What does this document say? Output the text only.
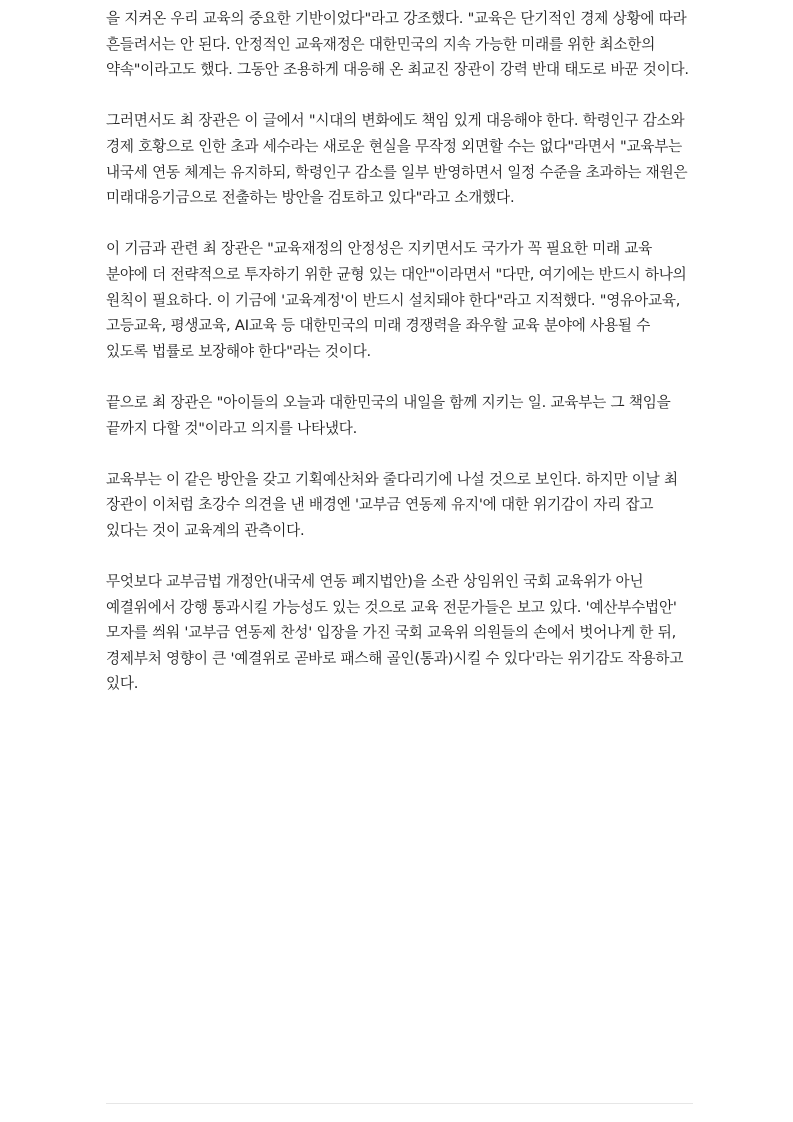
을 지켜온 우리 교육의 중요한 기반이었다"라고 강조했다. "교육은 단기적인 경제 상황에 따라 흔들려서는 안 된다. 안정적인 교육재정은 대한민국의 지속 가능한 미래를 위한 최소한의 약속"이라고도 했다. 그동안 조용하게 대응해 온 최교진 장관이 강력 반대 태도로 바꾼 것이다.

그러면서도 최 장관은 이 글에서 "시대의 변화에도 책임 있게 대응해야 한다. 학령인구 감소와 경제 호황으로 인한 초과 세수라는 새로운 현실을 무작정 외면할 수는 없다"라면서 "교육부는 내국세 연동 체계는 유지하되, 학령인구 감소를 일부 반영하면서 일정 수준을 초과하는 재원은 미래대응기금으로 전출하는 방안을 검토하고 있다"라고 소개했다.

이 기금과 관련 최 장관은 "교육재정의 안정성은 지키면서도 국가가 꼭 필요한 미래 교육 분야에 더 전략적으로 투자하기 위한 균형 있는 대안"이라면서 "다만, 여기에는 반드시 하나의 원칙이 필요하다. 이 기금에 '교육계정'이 반드시 설치돼야 한다"라고 지적했다. "영유아교육, 고등교육, 평생교육, AI교육 등 대한민국의 미래 경쟁력을 좌우할 교육 분야에 사용될 수 있도록 법률로 보장해야 한다"라는 것이다.

끝으로 최 장관은 "아이들의 오늘과 대한민국의 내일을 함께 지키는 일. 교육부는 그 책임을 끝까지 다할 것"이라고 의지를 나타냈다.

교육부는 이 같은 방안을 갖고 기획예산처와 줄다리기에 나설 것으로 보인다. 하지만 이날 최 장관이 이처럼 초강수 의견을 낸 배경엔 '교부금 연동제 유지'에 대한 위기감이 자리 잡고 있다는 것이 교육계의 관측이다.

무엇보다 교부금법 개정안(내국세 연동 폐지법안)을 소관 상임위인 국회 교육위가 아닌 예결위에서 강행 통과시킬 가능성도 있는 것으로 교육 전문가들은 보고 있다. '예산부수법안' 모자를 씌워 '교부금 연동제 찬성' 입장을 가진 국회 교육위 의원들의 손에서 벗어나게 한 뒤, 경제부처 영향이 큰 '예결위로 곧바로 패스해 골인(통과)시킬 수 있다'라는 위기감도 작용하고 있다.
